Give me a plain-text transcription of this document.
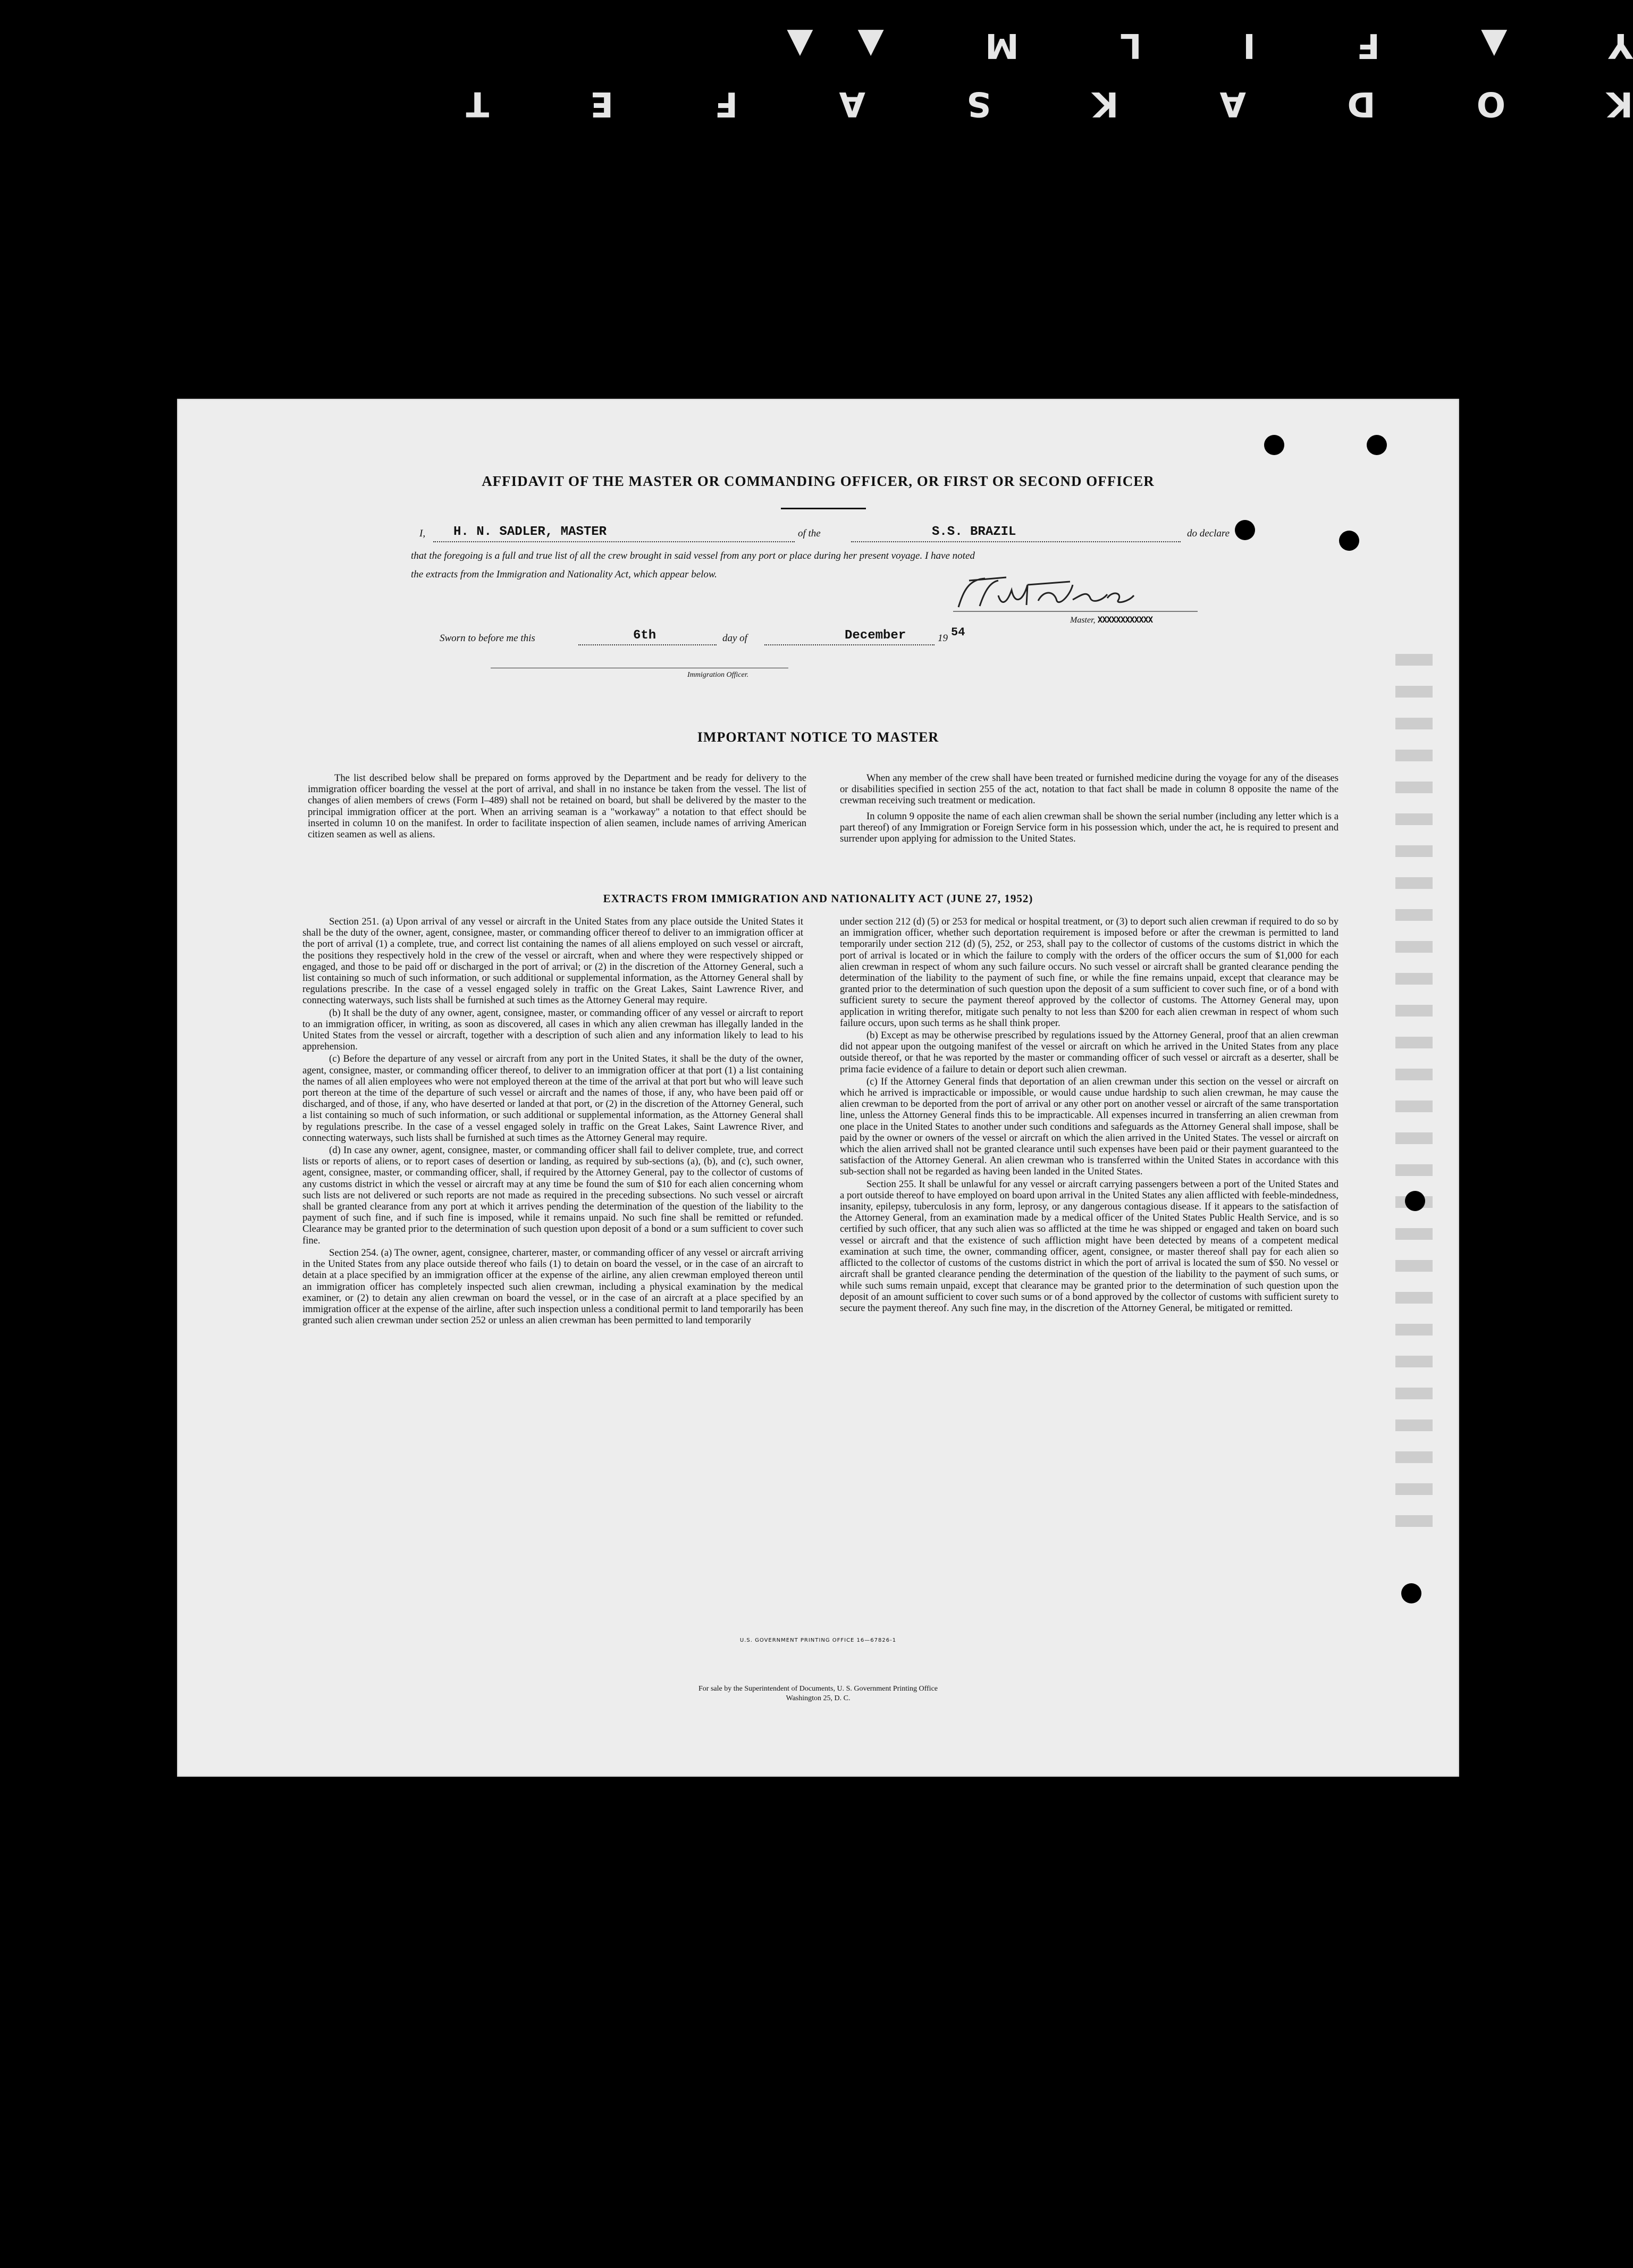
K O D A K S A F E T Y ▲ F I L M ▲▲
AFFIDAVIT OF THE MASTER OR COMMANDING OFFICER, OR FIRST OR SECOND OFFICER
I,	H. N. SADLER, MASTER	of the	S.S. BRAZIL	do declare
that the foregoing is a full and true list of all the crew brought in said vessel from any port or place during her present voyage. I have noted
the extracts from the Immigration and Nationality Act, which appear below.
Master, XXXXXXXXXXXX
Sworn to before me this	6th	day of	December	19 54
Immigration Officer.
IMPORTANT NOTICE TO MASTER

The list described below shall be prepared on forms approved by the Department and be ready for delivery to the immigration officer boarding the vessel at the port of arrival, and shall in no instance be taken from the vessel. The list of changes of alien members of crews (Form I–489) shall not be retained on board, but shall be delivered by the master to the principal immigration officer at the port. When an arriving seaman is a "workaway" a notation to that effect should be inserted in column 10 on the manifest. In order to facilitate inspection of alien seamen, include names of arriving American citizen seamen as well as aliens.

When any member of the crew shall have been treated or furnished medicine during the voyage for any of the diseases or disabilities specified in section 255 of the act, notation to that fact shall be made in column 8 opposite the name of the crewman receiving such treatment or medication.

In column 9 opposite the name of each alien crewman shall be shown the serial number (including any letter which is a part thereof) of any Immigration or Foreign Service form in his possession which, under the act, he is required to present and surrender upon applying for admission to the United States.

EXTRACTS FROM IMMIGRATION AND NATIONALITY ACT (JUNE 27, 1952)

Section 251. (a) Upon arrival of any vessel or aircraft in the United States from any place outside the United States it shall be the duty of the owner, agent, consignee, master, or commanding officer thereof to deliver to an immigration officer at the port of arrival (1) a complete, true, and correct list containing the names of all aliens employed on such vessel or aircraft, the positions they respectively hold in the crew of the vessel or aircraft, when and where they were respectively shipped or engaged, and those to be paid off or discharged in the port of arrival; or (2) in the discretion of the Attorney General, such a list containing so much of such information, or such additional or supplemental information, as the Attorney General shall by regulations prescribe. In the case of a vessel engaged solely in traffic on the Great Lakes, Saint Lawrence River, and connecting waterways, such lists shall be furnished at such times as the Attorney General may require.

(b) It shall be the duty of any owner, agent, consignee, master, or commanding officer of any vessel or aircraft to report to an immigration officer, in writing, as soon as discovered, all cases in which any alien crewman has illegally landed in the United States from the vessel or aircraft, together with a description of such alien and any information likely to lead to his apprehension.

(c) Before the departure of any vessel or aircraft from any port in the United States, it shall be the duty of the owner, agent, consignee, master, or commanding officer thereof, to deliver to an immigration officer at that port (1) a list containing the names of all alien employees who were not employed thereon at the time of the arrival at that port but who will leave such port thereon at the time of the departure of such vessel or aircraft and the names of those, if any, who have been paid off or discharged, and of those, if any, who have deserted or landed at that port, or (2) in the discretion of the Attorney General, such a list containing so much of such information, or such additional or supplemental information, as the Attorney General shall by regulations prescribe. In the case of a vessel engaged solely in traffic on the Great Lakes, Saint Lawrence River, and connecting waterways, such lists shall be furnished at such times as the Attorney General may require.

(d) In case any owner, agent, consignee, master, or commanding officer shall fail to deliver complete, true, and correct lists or reports of aliens, or to report cases of desertion or landing, as required by sub-sections (a), (b), and (c), such owner, agent, consignee, master, or commanding officer, shall, if required by the Attorney General, pay to the collector of customs of any customs district in which the vessel or aircraft may at any time be found the sum of $10 for each alien concerning whom such lists are not delivered or such reports are not made as required in the preceding subsections. No such vessel or aircraft shall be granted clearance from any port at which it arrives pending the determination of the question of the liability to the payment of such fine, and if such fine is imposed, while it remains unpaid. No such fine shall be remitted or refunded. Clearance may be granted prior to the determination of such question upon deposit of a bond or a sum sufficient to cover such fine.

Section 254. (a) The owner, agent, consignee, charterer, master, or commanding officer of any vessel or aircraft arriving in the United States from any place outside thereof who fails (1) to detain on board the vessel, or in the case of an aircraft to detain at a place specified by an immigration officer at the expense of the airline, any alien crewman employed thereon until an immigration officer has completely inspected such alien crewman, including a physical examination by the medical examiner, or (2) to detain any alien crewman on board the vessel, or in the case of an aircraft at a place specified by an immigration officer at the expense of the airline, after such inspection unless a conditional permit to land temporarily has been granted such alien crewman under section 252 or unless an alien crewman has been permitted to land temporarily

under section 212 (d) (5) or 253 for medical or hospital treatment, or (3) to deport such alien crewman if required to do so by an immigration officer, whether such deportation requirement is imposed before or after the crewman is permitted to land temporarily under section 212 (d) (5), 252, or 253, shall pay to the collector of customs of the customs district in which the port of arrival is located or in which the failure to comply with the orders of the officer occurs the sum of $1,000 for each alien crewman in respect of whom any such failure occurs. No such vessel or aircraft shall be granted clearance pending the determination of the liability to the payment of such fine, or while the fine remains unpaid, except that clearance may be granted prior to the determination of such question upon the deposit of a sum sufficient to cover such fine, or of a bond with sufficient surety to secure the payment thereof approved by the collector of customs. The Attorney General may, upon application in writing therefor, mitigate such penalty to not less than $200 for each alien crewman in respect of whom such failure occurs, upon such terms as he shall think proper.

(b) Except as may be otherwise prescribed by regulations issued by the Attorney General, proof that an alien crewman did not appear upon the outgoing manifest of the vessel or aircraft on which he arrived in the United States from any place outside thereof, or that he was reported by the master or commanding officer of such vessel or aircraft as a deserter, shall be prima facie evidence of a failure to detain or deport such alien crewman.

(c) If the Attorney General finds that deportation of an alien crewman under this section on the vessel or aircraft on which he arrived is impracticable or impossible, or would cause undue hardship to such alien crewman, he may cause the alien crewman to be deported from the port of arrival or any other port on another vessel or aircraft of the same transportation line, unless the Attorney General finds this to be impracticable. All expenses incurred in transferring an alien crewman from one place in the United States to another under such conditions and safeguards as the Attorney General shall impose, shall be paid by the owner or owners of the vessel or aircraft on which the alien arrived in the United States. The vessel or aircraft on which the alien arrived shall not be granted clearance until such expenses have been paid or their payment guaranteed to the satisfaction of the Attorney General. An alien crewman who is transferred within the United States in accordance with this sub-section shall not be regarded as having been landed in the United States.

Section 255. It shall be unlawful for any vessel or aircraft carrying passengers between a port of the United States and a port outside thereof to have employed on board upon arrival in the United States any alien afflicted with feeble-mindedness, insanity, epilepsy, tuberculosis in any form, leprosy, or any dangerous contagious disease. If it appears to the satisfaction of the Attorney General, from an examination made by a medical officer of the United States Public Health Service, and is so certified by such officer, that any such alien was so afflicted at the time he was shipped or engaged and taken on board such vessel or aircraft and that the existence of such affliction might have been detected by means of a competent medical examination at such time, the owner, commanding officer, agent, consignee, or master thereof shall pay for each alien so afflicted to the collector of customs of the customs district in which the port of arrival is located the sum of $50. No vessel or aircraft shall be granted clearance pending the determination of the question of the liability to the payment of such sums, or while such sums remain unpaid, except that clearance may be granted prior to the determination of such question upon the deposit of an amount sufficient to cover such sums or of a bond approved by the collector of customs with sufficient surety to secure the payment thereof. Any such fine may, in the discretion of the Attorney General, be mitigated or remitted.

U.S. GOVERNMENT PRINTING OFFICE 16—67826-1
For sale by the Superintendent of Documents, U. S. Government Printing Office
Washington 25, D. C.
